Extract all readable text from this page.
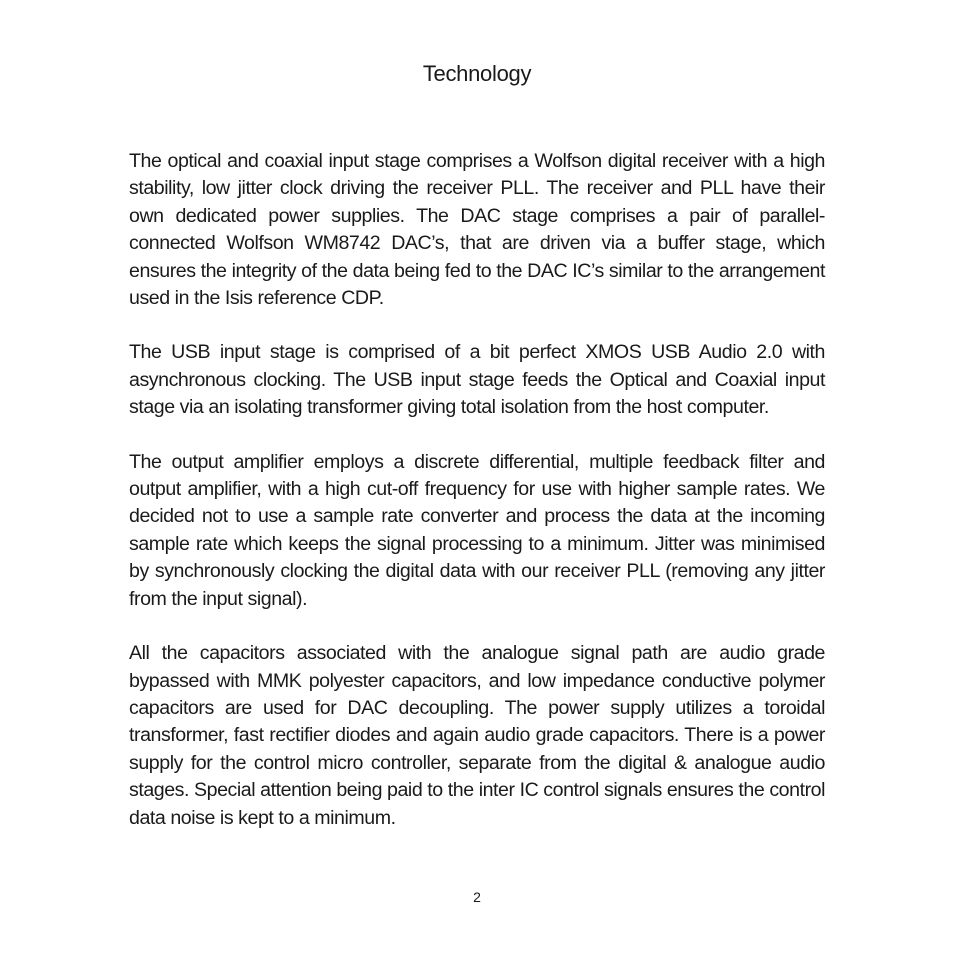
Technology

The optical and coaxial input stage comprises a Wolfson digital receiver with a high stability, low jitter clock driving the receiver PLL. The receiver and PLL have their own dedicated power supplies. The DAC stage comprises a pair of parallel-connected Wolfson WM8742 DAC’s, that are driven via a buffer stage, which ensures the integrity of the data being fed to the DAC IC’s similar to the arrangement used in the Isis reference CDP.

The USB input stage is comprised of a bit perfect XMOS USB Audio 2.0 with asynchronous clocking. The USB input stage feeds the Optical and Coaxial input stage via an isolating transformer giving total isolation from the host computer.

The output amplifier employs a discrete differential, multiple feedback filter and output amplifier, with a high cut-off frequency for use with higher sample rates. We decided not to use a sample rate converter and process the data at the incoming sample rate which keeps the signal processing to a minimum. Jitter was minimised by synchronously clocking the digital data with our receiver PLL (removing any jitter from the input signal).

All the capacitors associated with the analogue signal path are audio grade bypassed with MMK polyester capacitors, and low impedance conductive polymer capacitors are used for DAC decoupling. The power supply utilizes a toroidal transformer, fast rectifier diodes and again audio grade capacitors. There is a power supply for the control micro controller, separate from the digital & analogue audio stages. Special attention being paid to the inter IC control signals ensures the control data noise is kept to a minimum.

2
